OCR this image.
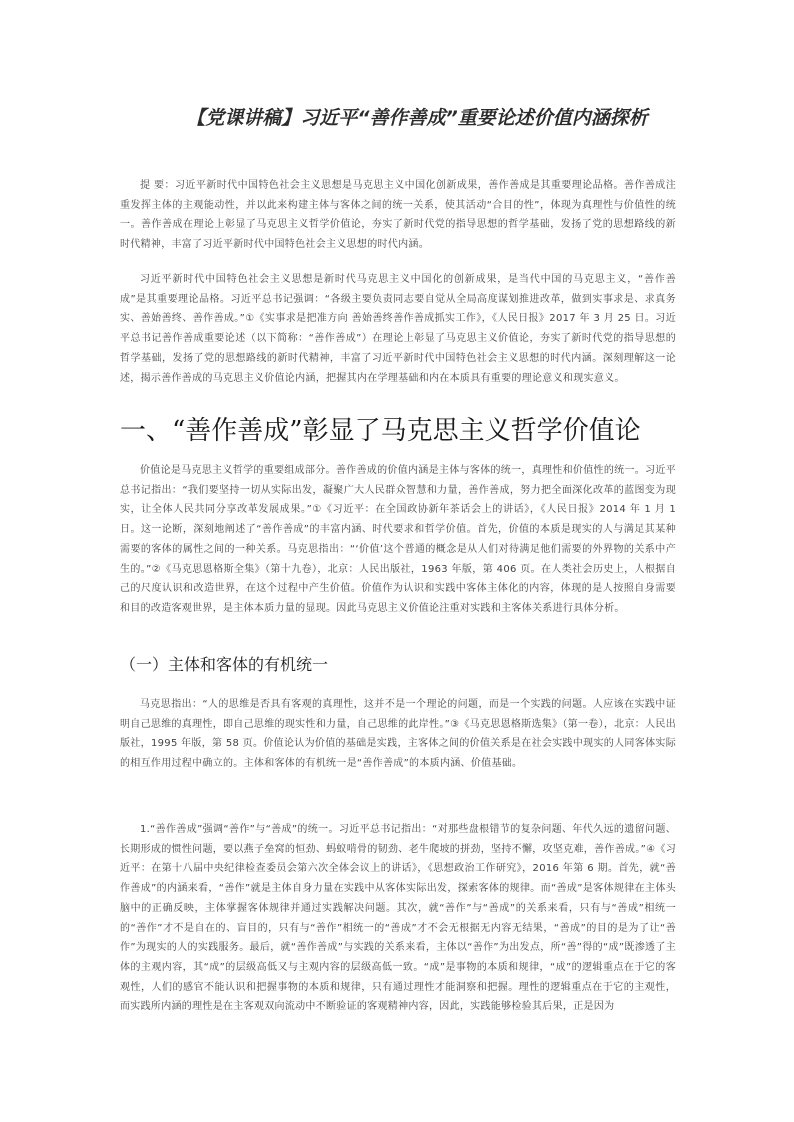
【党课讲稿】习近平“善作善成”重要论述价值内涵探析

提 要：习近平新时代中国特色社会主义思想是马克思主义中国化创新成果，善作善成是其重要理论品格。善作善成注重发挥主体的主观能动性，并以此来构建主体与客体之间的统一关系，使其活动“合目的性”，体现为真理性与价值性的统一。善作善成在理论上彰显了马克思主义哲学价值论，夯实了新时代党的指导思想的哲学基础，发扬了党的思想路线的新时代精神，丰富了习近平新时代中国特色社会主义思想的时代内涵。

习近平新时代中国特色社会主义思想是新时代马克思主义中国化的创新成果，是当代中国的马克思主义，“善作善成”是其重要理论品格。习近平总书记强调：“各级主要负责同志要自觉从全局高度谋划推进改革，做到实事求是、求真务实、善始善终、善作善成。”①《实事求是把准方向 善始善终善作善成抓实工作》，《人民日报》2017 年 3 月 25 日。习近平总书记善作善成重要论述（以下简称：“善作善成”）在理论上彰显了马克思主义价值论，夯实了新时代党的指导思想的哲学基础，发扬了党的思想路线的新时代精神，丰富了习近平新时代中国特色社会主义思想的时代内涵。深刻理解这一论述，揭示善作善成的马克思主义价值论内涵，把握其内在学理基础和内在本质具有重要的理论意义和现实意义。

一、“善作善成”彰显了马克思主义哲学价值论

价值论是马克思主义哲学的重要组成部分。善作善成的价值内涵是主体与客体的统一，真理性和价值性的统一。习近平总书记指出：“我们要坚持一切从实际出发，凝聚广大人民群众智慧和力量，善作善成，努力把全面深化改革的蓝图变为现实，让全体人民共同分享改革发展成果。”①《习近平：在全国政协新年茶话会上的讲话》，《人民日报》2014 年 1 月 1 日。这一论断，深刻地阐述了“善作善成”的丰富内涵、时代要求和哲学价值。首先，价值的本质是现实的人与满足其某种需要的客体的属性之间的一种关系。马克思指出：“‘价值’这个普通的概念是从人们对待满足他们需要的外界物的关系中产生的。”②《马克思恩格斯全集》（第十九卷），北京：人民出版社，1963 年版，第 406 页。在人类社会历史上，人根据自己的尺度认识和改造世界，在这个过程中产生价值。价值作为认识和实践中客体主体化的内容，体现的是人按照自身需要和目的改造客观世界，是主体本质力量的显现。因此马克思主义价值论注重对实践和主客体关系进行具体分析。

（一）主体和客体的有机统一

马克思指出：“人的思维是否具有客观的真理性，这并不是一个理论的问题，而是一个实践的问题。人应该在实践中证明自己思维的真理性，即自己思维的现实性和力量，自己思维的此岸性。”③《马克思恩格斯选集》（第一卷），北京：人民出版社，1995 年版，第 58 页。价值论认为价值的基础是实践，主客体之间的价值关系是在社会实践中现实的人同客体实际的相互作用过程中确立的。主体和客体的有机统一是“善作善成”的本质内涵、价值基础。

1.“善作善成”强调“善作”与“善成”的统一。习近平总书记指出：“对那些盘根错节的复杂问题、年代久远的遗留问题、长期形成的惯性问题，要以燕子垒窝的恒劲、蚂蚁啃骨的韧劲、老牛爬坡的拼劲，坚持不懈，攻坚克难，善作善成。”④《习近平：在第十八届中央纪律检查委员会第六次全体会议上的讲话》，《思想政治工作研究》，2016 年第 6 期。首先，就“善作善成”的内涵来看，“善作”就是主体自身力量在实践中从客体实际出发，探索客体的规律。而“善成”是客体规律在主体头脑中的正确反映，主体掌握客体规律并通过实践解决问题。其次，就“善作”与“善成”的关系来看，只有与“善成”相统一的“善作”才不是自在的、盲目的，只有与“善作”相统一的“善成”才不会无根据无内容无结果，“善成”的目的是为了让“善作”为现实的人的实践服务。最后，就“善作善成”与实践的关系来看，主体以“善作”为出发点，所“善”得的“成”既渗透了主体的主观内容，其“成”的层级高低又与主观内容的层级高低一致。“成”是事物的本质和规律，“成”的逻辑重点在于它的客观性，人们的感官不能认识和把握事物的本质和规律，只有通过理性才能洞察和把握。理性的逻辑重点在于它的主观性，而实践所内涵的理性是在主客观双向流动中不断验证的客观精神内容，因此，实践能够检验其后果，正是因为
